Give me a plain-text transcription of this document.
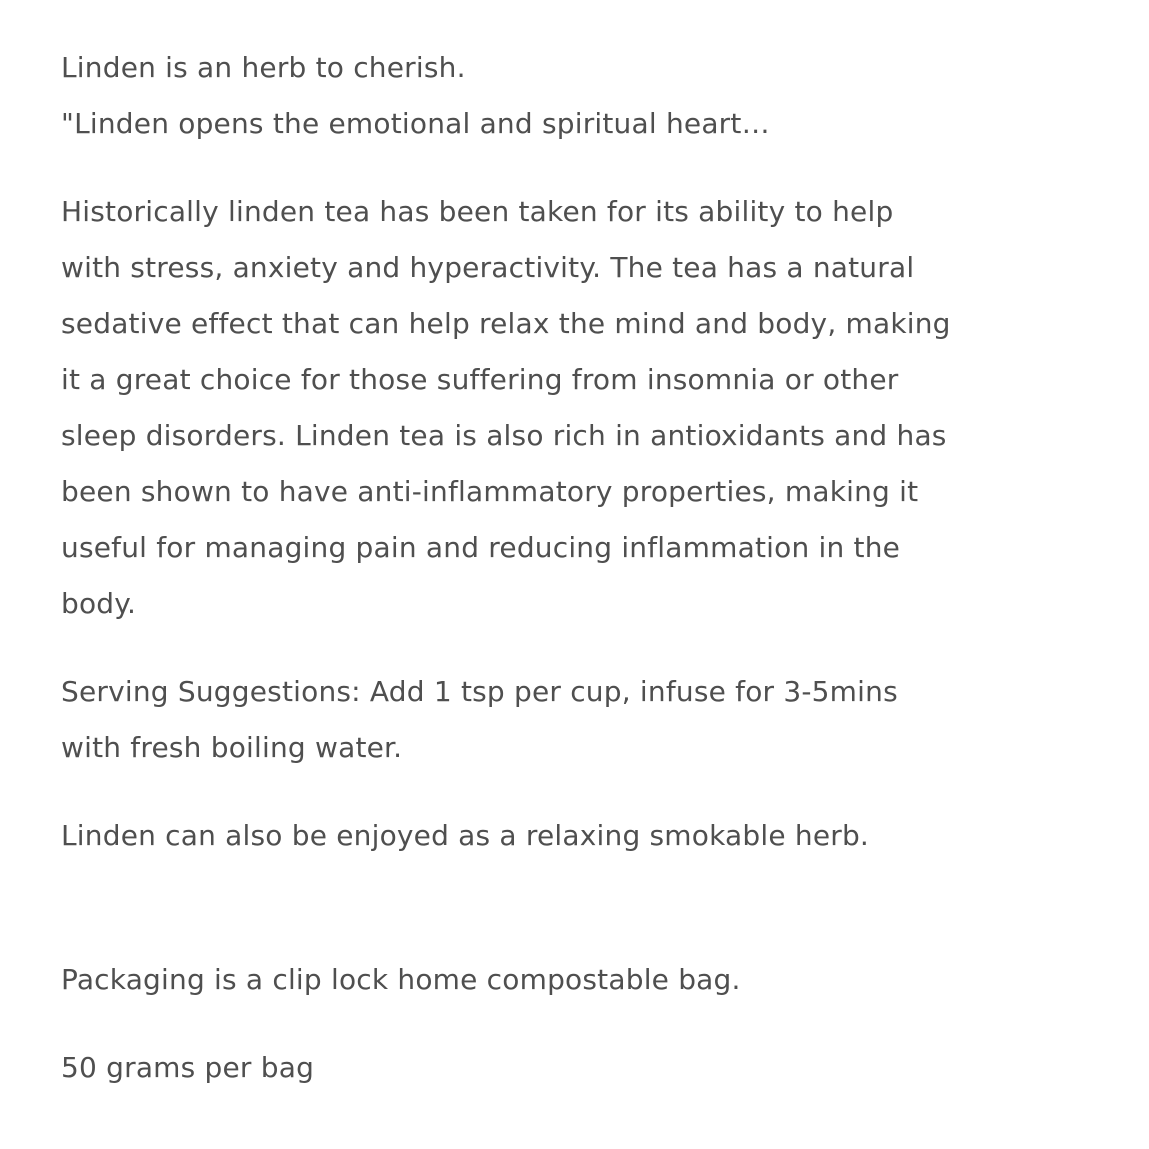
Linden is an herb to cherish.

"Linden opens the emotional and spiritual heart…

Historically linden tea has been taken for its ability to help with stress, anxiety and hyperactivity. The tea has a natural sedative effect that can help relax the mind and body, making it a great choice for those suffering from insomnia or other sleep disorders. Linden tea is also rich in antioxidants and has been shown to have anti-inflammatory properties, making it useful for managing pain and reducing inflammation in the body.

Serving Suggestions: Add 1 tsp per cup, infuse for 3-5mins with fresh boiling water.

Linden can also be enjoyed as a relaxing smokable herb.

Packaging is a clip lock home compostable bag.

50 grams per bag
